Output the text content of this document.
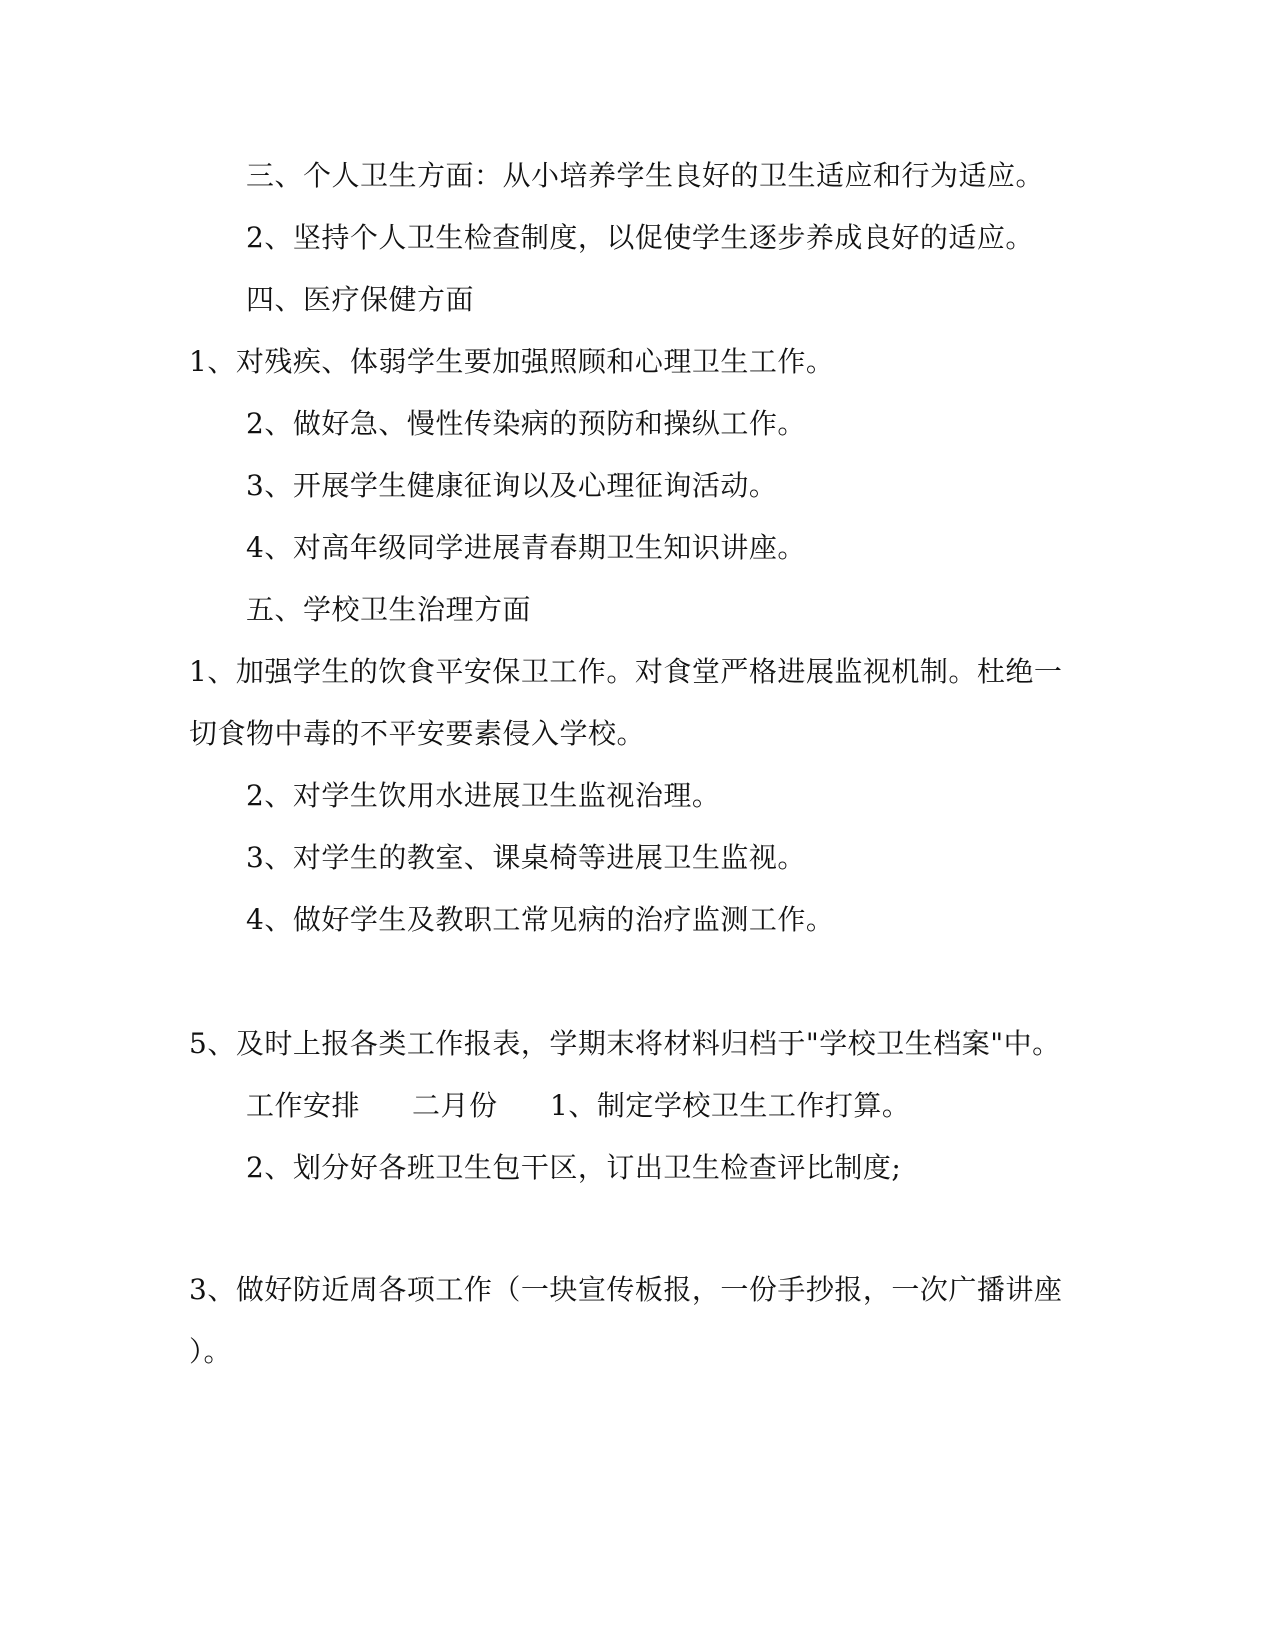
三、个人卫生方面：从小培养学生良好的卫生适应和行为适应。
2、坚持个人卫生检查制度，以促使学生逐步养成良好的适应。
四、医疗保健方面
1、对残疾、体弱学生要加强照顾和心理卫生工作。
2、做好急、慢性传染病的预防和操纵工作。
3、开展学生健康征询以及心理征询活动。
4、对高年级同学进展青春期卫生知识讲座。
五、学校卫生治理方面
1、加强学生的饮食平安保卫工作。对食堂严格进展监视机制。杜绝一
切食物中毒的不平安要素侵入学校。
2、对学生饮用水进展卫生监视治理。
3、对学生的教室、课桌椅等进展卫生监视。
4、做好学生及教职工常见病的治疗监测工作。
5、及时上报各类工作报表，学期末将材料归档于"学校卫生档案"中。
工作安排 二月份 1、制定学校卫生工作打算。
2、划分好各班卫生包干区，订出卫生检查评比制度;
3、做好防近周各项工作（一块宣传板报，一份手抄报，一次广播讲座
）。
